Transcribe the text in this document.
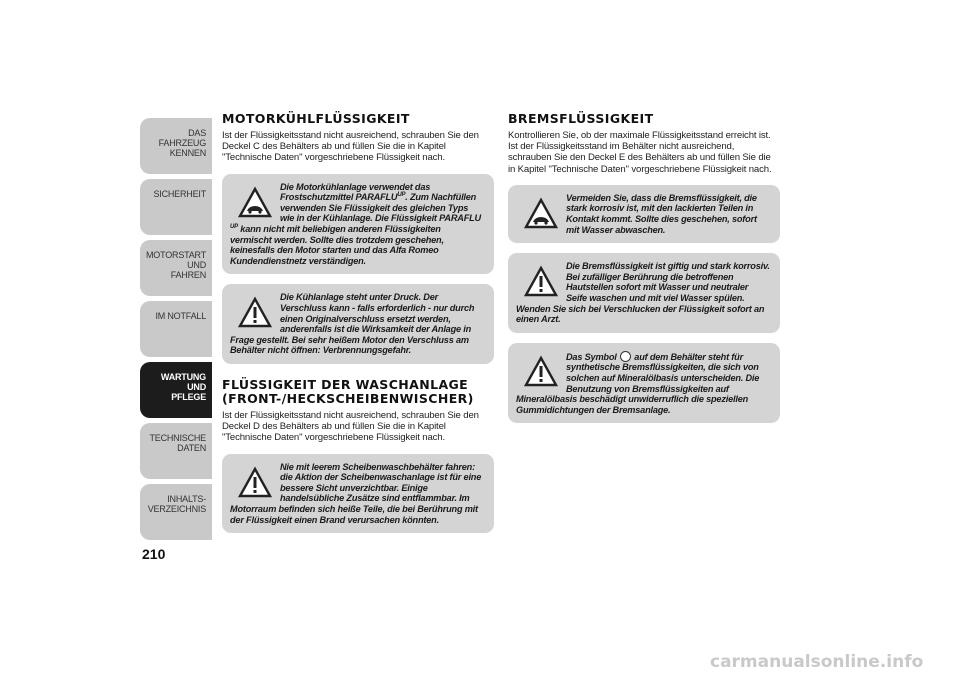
DAS FAHRZEUG
KENNEN
SICHERHEIT
MOTORSTART UND
FAHREN
IM NOTFALL
WARTUNG UND
PFLEGE
TECHNISCHE DATEN
INHALTS-
VERZEICHNIS
210
MOTORKÜHLFLÜSSIGKEIT

Ist der Flüssigkeitsstand nicht ausreichend, schrauben Sie den Deckel C des Behälters ab und füllen Sie die in Kapitel "Technische Daten" vorgeschriebene Flüssigkeit nach.

Die Motorkühlanlage verwendet das Frostschutzmittel $PARAFLU^{UP}$. Zum Nachfüllen verwenden Sie Flüssigkeit des gleichen Typs wie in der Kühlanlage. Die Flüssigkeit PARAFLU $^{UP}$ kann nicht mit beliebigen anderen Flüssigkeiten vermischt werden. Sollte dies trotzdem geschehen, keinesfalls den Motor starten und das Alfa Romeo Kundendienstnetz verständigen.
Die Kühlanlage steht unter Druck. Der Verschluss kann - falls erforderlich - nur durch einen Originalverschluss ersetzt werden, anderenfalls ist die Wirksamkeit der Anlage in Frage gestellt. Bei sehr heißem Motor den Verschluss am Behälter nicht öffnen: Verbrennungsgefahr.
FLÜSSIGKEIT DER WASCHANLAGE
(FRONT-/HECKSCHEIBENWISCHER)

Ist der Flüssigkeitsstand nicht ausreichend, schrauben Sie den Deckel D des Behälters ab und füllen Sie die in Kapitel "Technische Daten" vorgeschriebene Flüssigkeit nach.

Nie mit leerem Scheibenwaschbehälter fahren: die Aktion der Scheibenwaschanlage ist für eine bessere Sicht unverzichtbar. Einige handelsübliche Zusätze sind entflammbar. Im Motorraum befinden sich heiße Teile, die bei Berührung mit der Flüssigkeit einen Brand verursachen könnten.
BREMSFLÜSSIGKEIT

Kontrollieren Sie, ob der maximale Flüssigkeitsstand erreicht ist. Ist der Flüssigkeitsstand im Behälter nicht ausreichend, schrauben Sie den Deckel E des Behälters ab und füllen Sie die in Kapitel "Technische Daten" vorgeschriebene Flüssigkeit nach.

Vermeiden Sie, dass die Bremsflüssigkeit, die stark korrosiv ist, mit den lackierten Teilen in Kontakt kommt. Sollte dies geschehen, sofort mit Wasser abwaschen.
Die Bremsflüssigkeit ist giftig und stark korrosiv. Bei zufälliger Berührung die betroffenen Hautstellen sofort mit Wasser und neutraler Seife waschen und mit viel Wasser spülen. Wenden Sie sich bei Verschlucken der Flüssigkeit sofort an einen Arzt.
Das Symbol  auf dem Behälter steht für synthetische Bremsflüssigkeiten, die sich von solchen auf Mineralölbasis unterscheiden. Die Benutzung von Bremsflüssigkeiten auf Mineralölbasis beschädigt unwiderruflich die speziellen Gummidichtungen der Bremsanlage.
carmanualsonline.info
